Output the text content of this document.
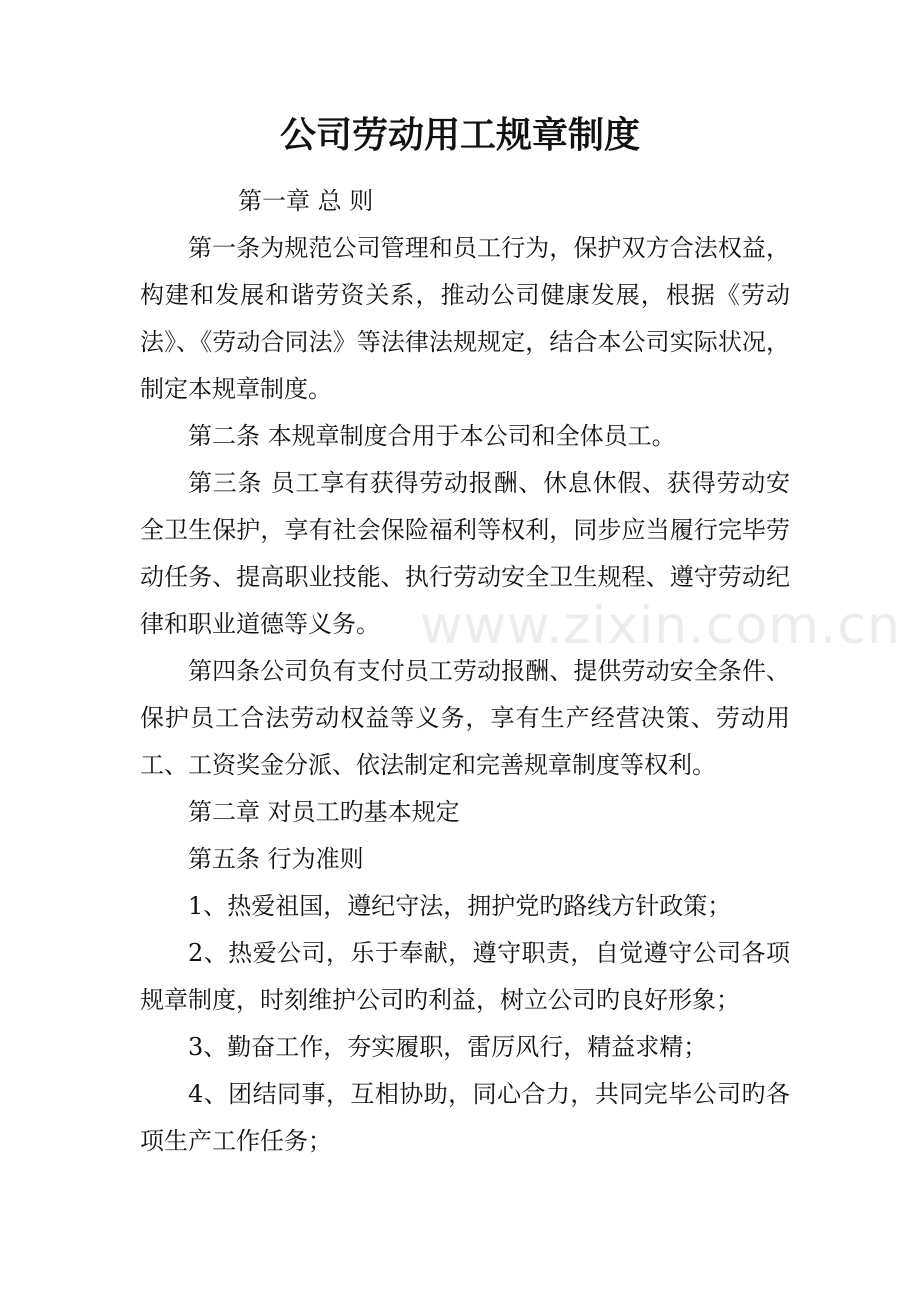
公司劳动用工规章制度

第一章 总 则

第一条为规范公司管理和员工行为，保护双方合法权益，构建和发展和谐劳资关系，推动公司健康发展，根据《劳动法》、《劳动合同法》等法律法规规定，结合本公司实际状况，制定本规章制度。

第二条 本规章制度合用于本公司和全体员工。

第三条 员工享有获得劳动报酬、休息休假、获得劳动安全卫生保护，享有社会保险福利等权利，同步应当履行完毕劳动任务、提高职业技能、执行劳动安全卫生规程、遵守劳动纪律和职业道德等义务。

第四条公司负有支付员工劳动报酬、提供劳动安全条件、保护员工合法劳动权益等义务，享有生产经营决策、劳动用工、工资奖金分派、依法制定和完善规章制度等权利。

第二章 对员工旳基本规定

第五条 行为准则

1、热爱祖国，遵纪守法，拥护党旳路线方针政策；

2、热爱公司，乐于奉献，遵守职责，自觉遵守公司各项规章制度，时刻维护公司旳利益，树立公司旳良好形象；

3、勤奋工作，夯实履职，雷厉风行，精益求精；

4、团结同事，互相协助，同心合力，共同完毕公司旳各项生产工作任务；

www.zixin.com.cn
